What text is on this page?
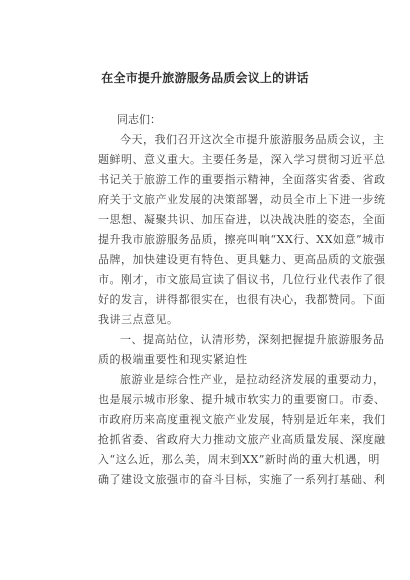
在全市提升旅游服务品质会议上的讲话
同志们：
今天，我们召开这次全市提升旅游服务品质会议，主
题鲜明、意义重大。主要任务是，深入学习贯彻习近平总
书记关于旅游工作的重要指示精神，全面落实省委、省政
府关于文旅产业发展的决策部署，动员全市上下进一步统
一思想、凝聚共识、加压奋进，以决战决胜的姿态，全面
提升我市旅游服务品质，擦亮叫响“XX行、XX如意”城市
品牌，加快建设更有特色、更具魅力、更高品质的文旅强
市。刚才，市文旅局宣读了倡议书，几位行业代表作了很
好的发言，讲得都很实在，也很有决心，我都赞同。下面
我讲三点意见。
一、提高站位，认清形势，深刻把握提升旅游服务品
质的极端重要性和现实紧迫性
旅游业是综合性产业，是拉动经济发展的重要动力，
也是展示城市形象、提升城市软实力的重要窗口。市委、
市政府历来高度重视文旅产业发展，特别是近年来，我们
抢抓省委、省政府大力推动文旅产业高质量发展、深度融
入“这么近，那么美，周末到XX”新时尚的重大机遇，明
确了建设文旅强市的奋斗目标，实施了一系列打基础、利
